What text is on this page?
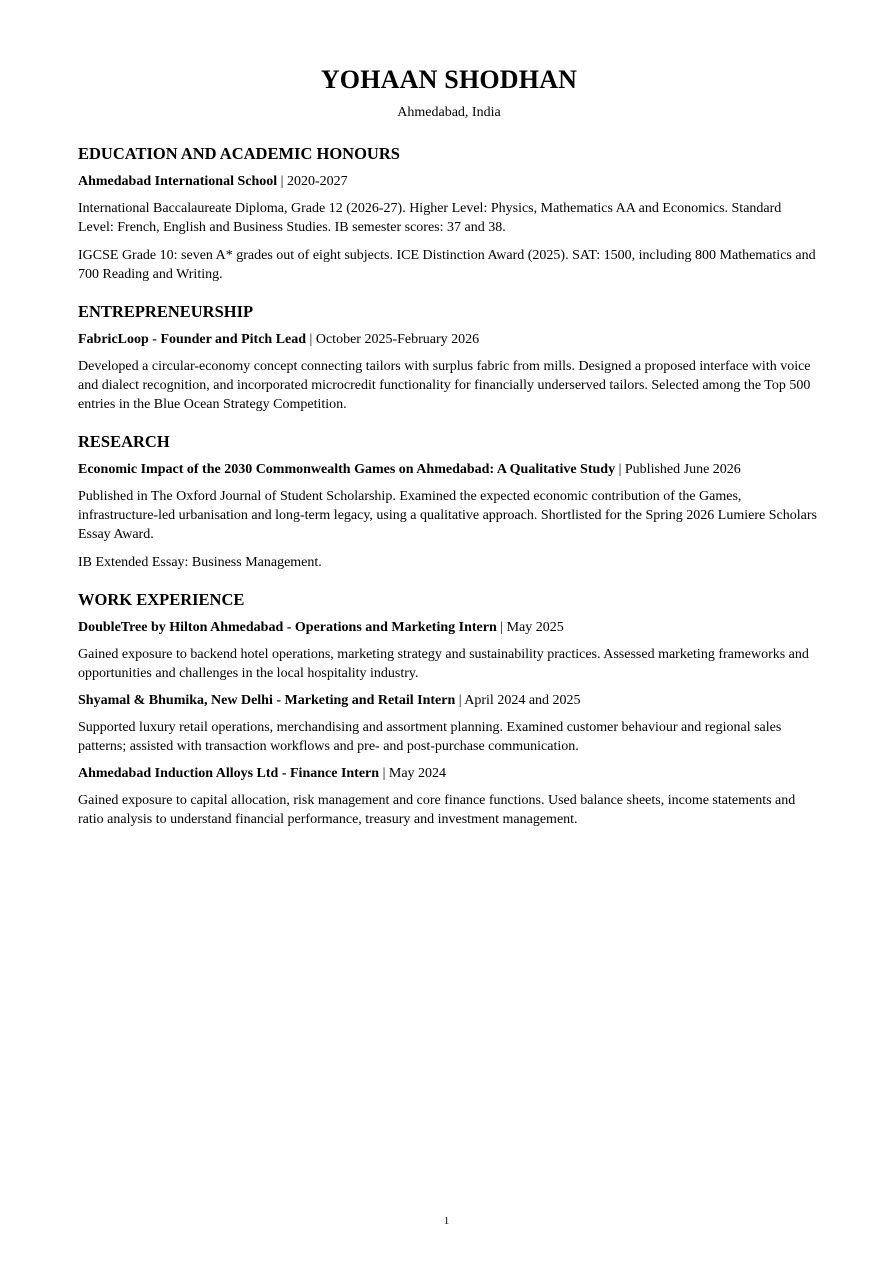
YOHAAN SHODHAN

Ahmedabad, India

EDUCATION AND ACADEMIC HONOURS

Ahmedabad International School | 2020-2027

International Baccalaureate Diploma, Grade 12 (2026-27). Higher Level: Physics, Mathematics AA and Economics. Standard Level: French, English and Business Studies. IB semester scores: 37 and 38.

IGCSE Grade 10: seven A* grades out of eight subjects. ICE Distinction Award (2025). SAT: 1500, including 800 Mathematics and 700 Reading and Writing.

ENTREPRENEURSHIP

FabricLoop - Founder and Pitch Lead | October 2025-February 2026

Developed a circular-economy concept connecting tailors with surplus fabric from mills. Designed a proposed interface with voice and dialect recognition, and incorporated microcredit functionality for financially underserved tailors. Selected among the Top 500 entries in the Blue Ocean Strategy Competition.

RESEARCH

Economic Impact of the 2030 Commonwealth Games on Ahmedabad: A Qualitative Study | Published June 2026

Published in The Oxford Journal of Student Scholarship. Examined the expected economic contribution of the Games, infrastructure-led urbanisation and long-term legacy, using a qualitative approach. Shortlisted for the Spring 2026 Lumiere Scholars Essay Award.

IB Extended Essay: Business Management.

WORK EXPERIENCE

DoubleTree by Hilton Ahmedabad - Operations and Marketing Intern | May 2025

Gained exposure to backend hotel operations, marketing strategy and sustainability practices. Assessed marketing frameworks and opportunities and challenges in the local hospitality industry.

Shyamal & Bhumika, New Delhi - Marketing and Retail Intern | April 2024 and 2025

Supported luxury retail operations, merchandising and assortment planning. Examined customer behaviour and regional sales patterns; assisted with transaction workflows and pre- and post-purchase communication.

Ahmedabad Induction Alloys Ltd - Finance Intern | May 2024

Gained exposure to capital allocation, risk management and core finance functions. Used balance sheets, income statements and ratio analysis to understand financial performance, treasury and investment management.

1
